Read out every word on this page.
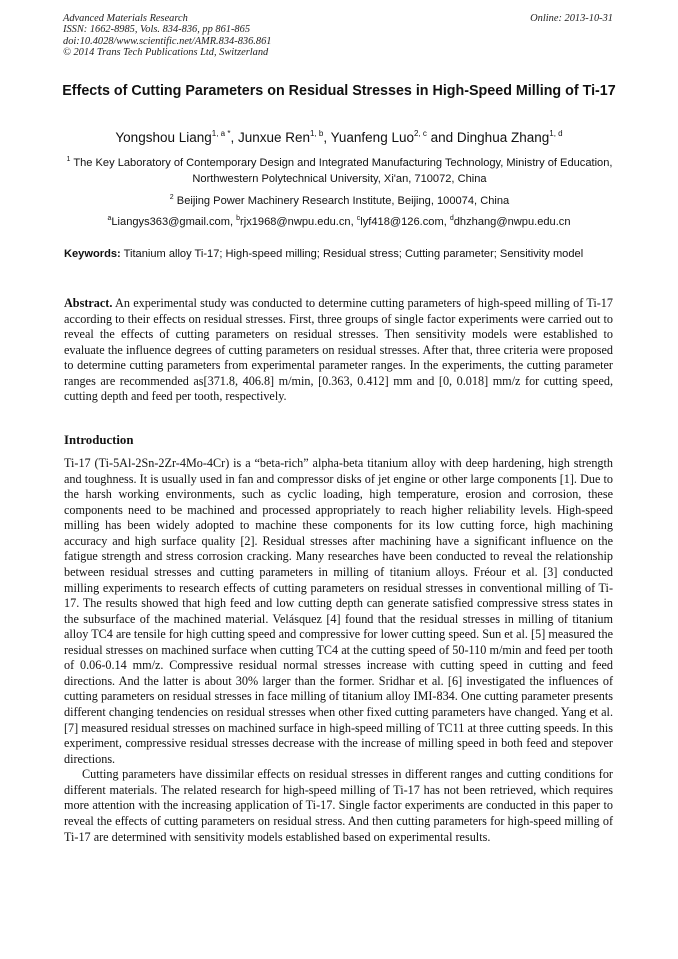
Advanced Materials Research
ISSN: 1662-8985, Vols. 834-836, pp 861-865
doi:10.4028/www.scientific.net/AMR.834-836.861
© 2014 Trans Tech Publications Ltd, Switzerland
Online: 2013-10-31
Effects of Cutting Parameters on Residual Stresses in High-Speed Milling of Ti-17
Yongshou Liang$^{1, a *}$, Junxue Ren$^{1, b}$, Yuanfeng Luo$^{2, c}$ and Dinghua Zhang$^{1, d}$
$^1$ The Key Laboratory of Contemporary Design and Integrated Manufacturing Technology, Ministry of Education, Northwestern Polytechnical University, Xi'an, 710072, China
$^2$ Beijing Power Machinery Research Institute, Beijing, 100074, China
$^a$Liangys363@gmail.com, $^b$rjx1968@nwpu.edu.cn, $^c$lyf418@126.com, $^d$dhzhang@nwpu.edu.cn
Keywords: Titanium alloy Ti-17; High-speed milling; Residual stress; Cutting parameter; Sensitivity model
Abstract. An experimental study was conducted to determine cutting parameters of high-speed milling of Ti-17 according to their effects on residual stresses. First, three groups of single factor experiments were carried out to reveal the effects of cutting parameters on residual stresses. Then sensitivity models were established to evaluate the influence degrees of cutting parameters on residual stresses. After that, three criteria were proposed to determine cutting parameters from experimental parameter ranges. In the experiments, the cutting parameter ranges are recommended as[371.8, 406.8] m/min, [0.363, 0.412] mm and [0, 0.018] mm/z for cutting speed, cutting depth and feed per tooth, respectively.
Introduction

Ti-17 (Ti-5Al-2Sn-2Zr-4Mo-4Cr) is a “beta-rich” alpha-beta titanium alloy with deep hardening, high strength and toughness. It is usually used in fan and compressor disks of jet engine or other large components [1]. Due to the harsh working environments, such as cyclic loading, high temperature, erosion and corrosion, these components need to be machined and processed appropriately to reach higher reliability levels. High-speed milling has been widely adopted to machine these components for its low cutting force, high machining accuracy and high surface quality [2]. Residual stresses after machining have a significant influence on the fatigue strength and stress corrosion cracking. Many researches have been conducted to reveal the relationship between residual stresses and cutting parameters in milling of titanium alloys. Fréour et al. [3] conducted milling experiments to research effects of cutting parameters on residual stresses in conventional milling of Ti-17. The results showed that high feed and low cutting depth can generate satisfied compressive stress states in the subsurface of the machined material. Velásquez [4] found that the residual stresses in milling of titanium alloy TC4 are tensile for high cutting speed and compressive for lower cutting speed. Sun et al. [5] measured the residual stresses on machined surface when cutting TC4 at the cutting speed of 50-110 m/min and feed per tooth of 0.06-0.14 mm/z. Compressive residual normal stresses increase with cutting speed in cutting and feed directions. And the latter is about 30% larger than the former. Sridhar et al. [6] investigated the influences of cutting parameters on residual stresses in face milling of titanium alloy IMI-834. One cutting parameter presents different changing tendencies on residual stresses when other fixed cutting parameters have changed. Yang et al. [7] measured residual stresses on machined surface in high-speed milling of TC11 at three cutting speeds. In this experiment, compressive residual stresses decrease with the increase of milling speed in both feed and stepover directions.

Cutting parameters have dissimilar effects on residual stresses in different ranges and cutting conditions for different materials. The related research for high-speed milling of Ti-17 has not been retrieved, which requires more attention with the increasing application of Ti-17. Single factor experiments are conducted in this paper to reveal the effects of cutting parameters on residual stress. And then cutting parameters for high-speed milling of Ti-17 are determined with sensitivity models established based on experimental results.
